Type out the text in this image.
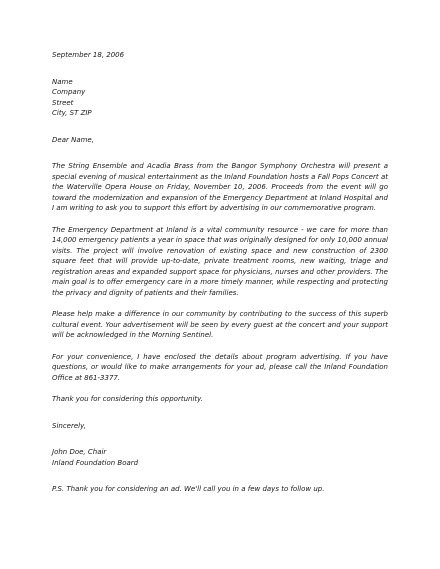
September 18, 2006
Name
Company
Street
City, ST ZIP
Dear Name,

The String Ensemble and Acadia Brass from the Bangor Symphony Orchestra will present a special evening of musical entertainment as the Inland Foundation hosts a Fall Pops Concert at the Waterville Opera House on Friday, November 10, 2006. Proceeds from the event will go toward the modernization and expansion of the Emergency Department at Inland Hospital and I am writing to ask you to support this effort by advertising in our commemorative program.

The Emergency Department at Inland is a vital community resource - we care for more than 14,000 emergency patients a year in space that was originally designed for only 10,000 annual visits. The project will involve renovation of existing space and new construction of 2300 square feet that will provide up-to-date, private treatment rooms, new waiting, triage and registration areas and expanded support space for physicians, nurses and other providers. The main goal is to offer emergency care in a more timely manner, while respecting and protecting the privacy and dignity of patients and their families.

Please help make a difference in our community by contributing to the success of this superb cultural event. Your advertisement will be seen by every guest at the concert and your support will be acknowledged in the Morning Sentinel.

For your convenience, I have enclosed the details about program advertising. If you have questions, or would like to make arrangements for your ad, please call the Inland Foundation Office at 861-3377.

Thank you for considering this opportunity.

Sincerely,
John Doe, Chair
Inland Foundation Board
P.S. Thank you for considering an ad. We'll call you in a few days to follow up.
